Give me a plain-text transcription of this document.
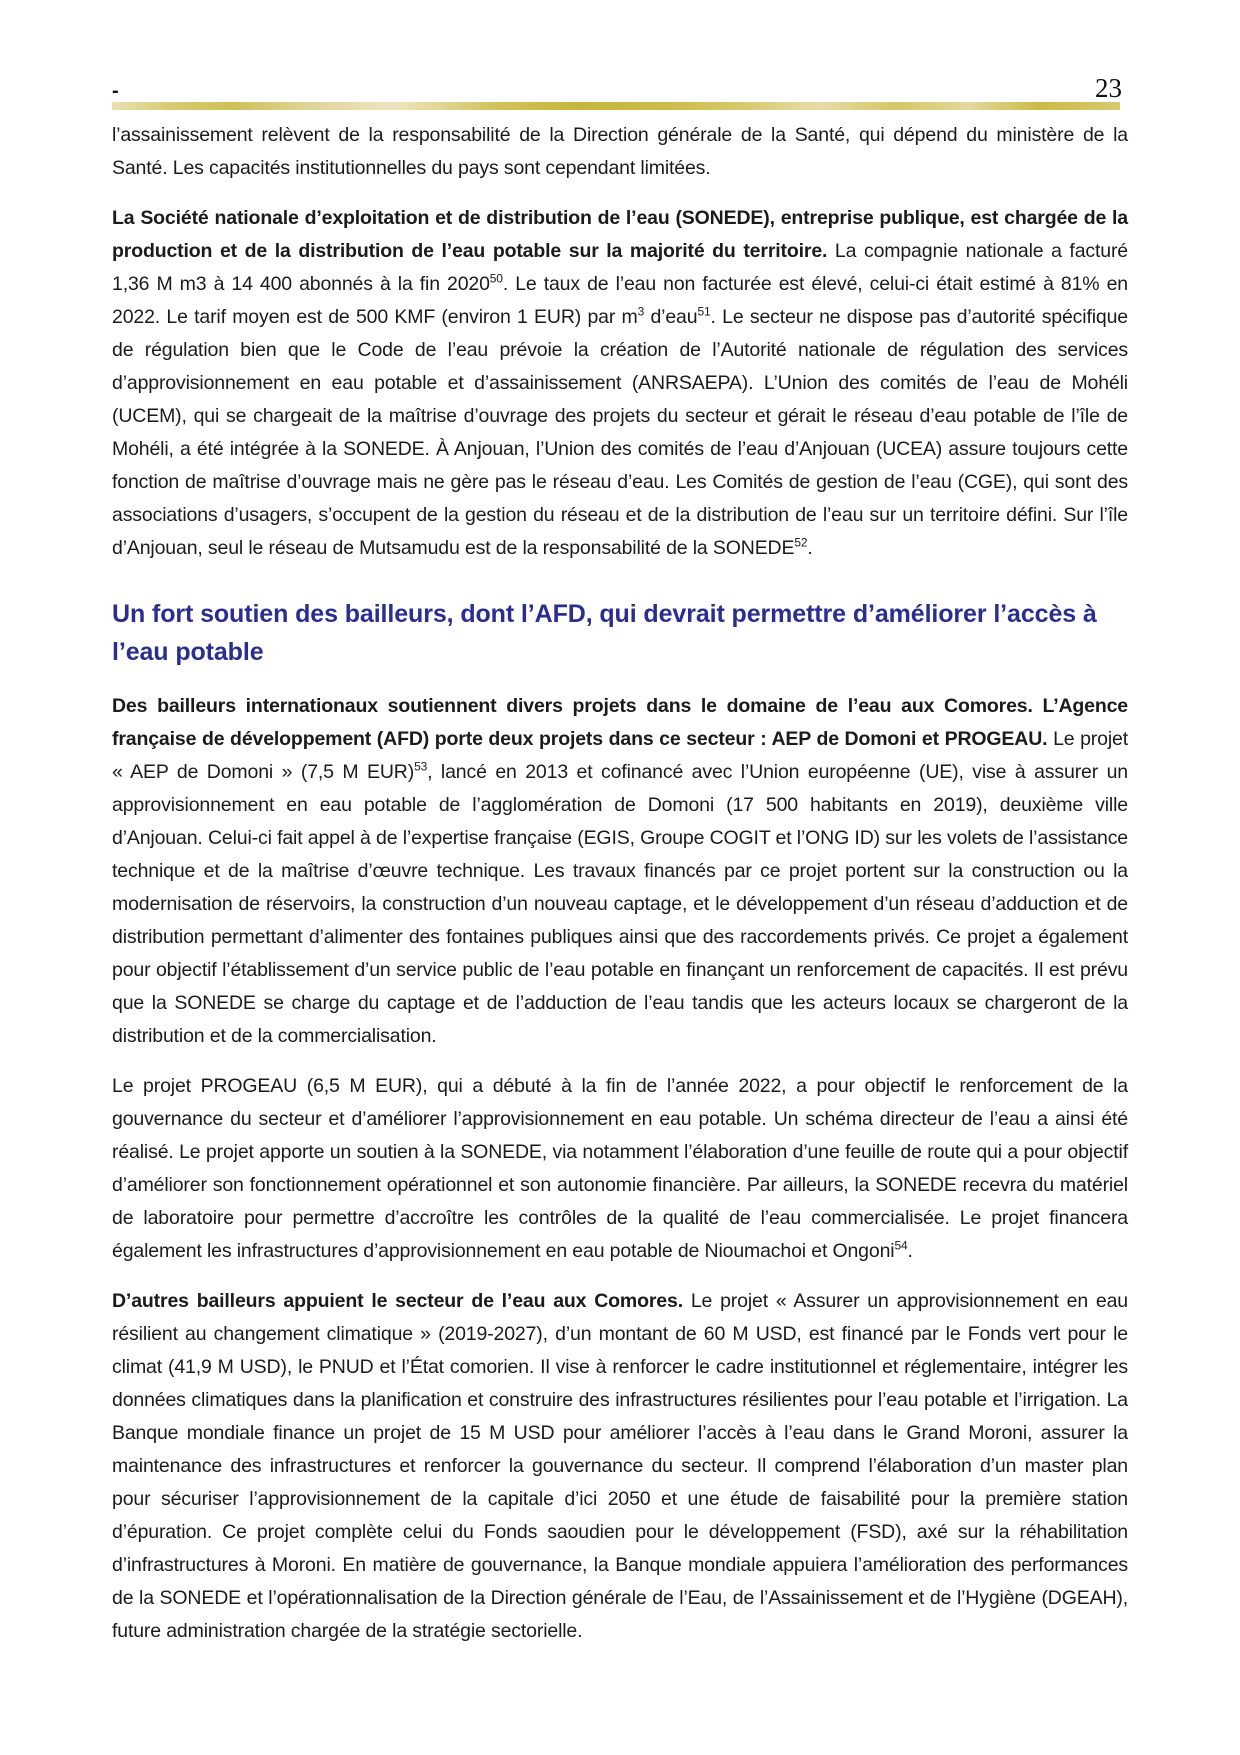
-	23

l’assainissement relèvent de la responsabilité de la Direction générale de la Santé, qui dépend du ministère de la Santé. Les capacités institutionnelles du pays sont cependant limitées.

La Société nationale d’exploitation et de distribution de l’eau (SONEDE), entreprise publique, est chargée de la production et de la distribution de l’eau potable sur la majorité du territoire. La compagnie nationale a facturé 1,36 M m3 à 14 400 abonnés à la fin 2020$^{50}$. Le taux de l’eau non facturée est élevé, celui-ci était estimé à 81% en 2022. Le tarif moyen est de 500 KMF (environ 1 EUR) par $m^3$ d’eau$^{51}$. Le secteur ne dispose pas d’autorité spécifique de régulation bien que le Code de l’eau prévoie la création de l’Autorité nationale de régulation des services d’approvisionnement en eau potable et d’assainissement (ANRSAEPA). L’Union des comités de l’eau de Mohéli (UCEM), qui se chargeait de la maîtrise d’ouvrage des projets du secteur et gérait le réseau d’eau potable de l’île de Mohéli, a été intégrée à la SONEDE. À Anjouan, l’Union des comités de l’eau d’Anjouan (UCEA) assure toujours cette fonction de maîtrise d’ouvrage mais ne gère pas le réseau d’eau. Les Comités de gestion de l’eau (CGE), qui sont des associations d’usagers, s’occupent de la gestion du réseau et de la distribution de l’eau sur un territoire défini. Sur l’île d’Anjouan, seul le réseau de Mutsamudu est de la responsabilité de la SONEDE$^{52}$.

Un fort soutien des bailleurs, dont l’AFD, qui devrait permettre d’améliorer l’accès à l’eau potable

Des bailleurs internationaux soutiennent divers projets dans le domaine de l’eau aux Comores. L’Agence française de développement (AFD) porte deux projets dans ce secteur : AEP de Domoni et PROGEAU. Le projet « AEP de Domoni » (7,5 M EUR)$^{53}$, lancé en 2013 et cofinancé avec l’Union européenne (UE), vise à assurer un approvisionnement en eau potable de l’agglomération de Domoni (17 500 habitants en 2019), deuxième ville d’Anjouan. Celui-ci fait appel à de l’expertise française (EGIS, Groupe COGIT et l’ONG ID) sur les volets de l’assistance technique et de la maîtrise d’œuvre technique. Les travaux financés par ce projet portent sur la construction ou la modernisation de réservoirs, la construction d’un nouveau captage, et le développement d’un réseau d’adduction et de distribution permettant d’alimenter des fontaines publiques ainsi que des raccordements privés. Ce projet a également pour objectif l’établissement d’un service public de l’eau potable en finançant un renforcement de capacités. Il est prévu que la SONEDE se charge du captage et de l’adduction de l’eau tandis que les acteurs locaux se chargeront de la distribution et de la commercialisation.

Le projet PROGEAU (6,5 M EUR), qui a débuté à la fin de l’année 2022, a pour objectif le renforcement de la gouvernance du secteur et d’améliorer l’approvisionnement en eau potable. Un schéma directeur de l’eau a ainsi été réalisé. Le projet apporte un soutien à la SONEDE, via notamment l’élaboration d’une feuille de route qui a pour objectif d’améliorer son fonctionnement opérationnel et son autonomie financière. Par ailleurs, la SONEDE recevra du matériel de laboratoire pour permettre d’accroître les contrôles de la qualité de l’eau commercialisée. Le projet financera également les infrastructures d’approvisionnement en eau potable de Nioumachoi et Ongoni$^{54}$.

D’autres bailleurs appuient le secteur de l’eau aux Comores. Le projet « Assurer un approvisionnement en eau résilient au changement climatique » (2019-2027), d’un montant de 60 M USD, est financé par le Fonds vert pour le climat (41,9 M USD), le PNUD et l’État comorien. Il vise à renforcer le cadre institutionnel et réglementaire, intégrer les données climatiques dans la planification et construire des infrastructures résilientes pour l’eau potable et l’irrigation. La Banque mondiale finance un projet de 15 M USD pour améliorer l’accès à l’eau dans le Grand Moroni, assurer la maintenance des infrastructures et renforcer la gouvernance du secteur. Il comprend l’élaboration d’un master plan pour sécuriser l’approvisionnement de la capitale d’ici 2050 et une étude de faisabilité pour la première station d’épuration. Ce projet complète celui du Fonds saoudien pour le développement (FSD), axé sur la réhabilitation d’infrastructures à Moroni. En matière de gouvernance, la Banque mondiale appuiera l’amélioration des performances de la SONEDE et l’opérationnalisation de la Direction générale de l’Eau, de l’Assainissement et de l’Hygiène (DGEAH), future administration chargée de la stratégie sectorielle.
